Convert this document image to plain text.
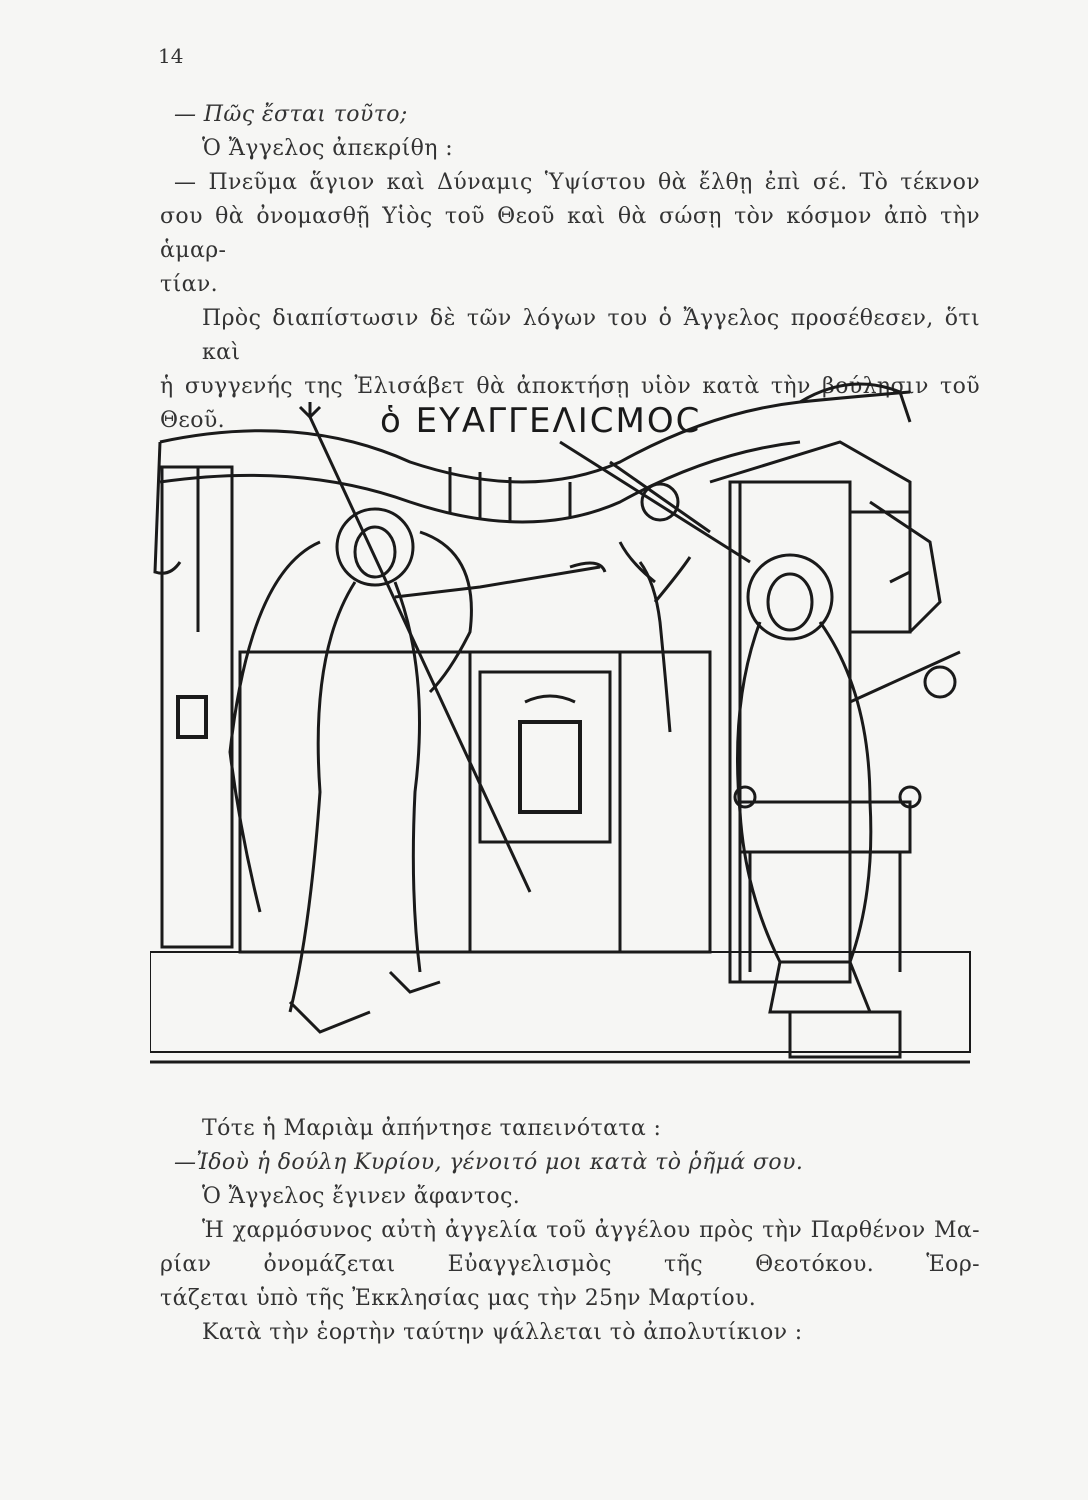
14
— Πῶς ἔσται τοῦτο;
Ὁ Ἄγγελος ἀπεκρίθη :
— Πνεῦμα ἅγιον καὶ Δύναμις Ὑψίστου θὰ ἔλθῃ ἐπὶ σέ. Τὸ τέκνον
σου θὰ ὀνομασθῇ Υἱὸς τοῦ Θεοῦ καὶ θὰ σώσῃ τὸν κόσμον ἀπὸ τὴν ἁμαρ-
τίαν.
Πρὸς διαπίστωσιν δὲ τῶν λόγων του ὁ Ἄγγελος προσέθεσεν, ὅτι καὶ
ἡ συγγενής της Ἐλισάβετ θὰ ἀποκτήσῃ υἱὸν κατὰ τὴν βούλησιν τοῦ Θεοῦ.	ὁ ΕΥΑΓΓΕΛΙCΜΟC
Τότε ἡ Μαριὰμ ἀπήντησε ταπεινότατα :
—Ἰδοὺ ἡ δούλη Κυρίου, γένοιτό μοι κατὰ τὸ ῥῆμά σου.
Ὁ Ἄγγελος ἔγινεν ἄφαντος.
Ἡ χαρμόσυνος αὐτὴ ἀγγελία τοῦ ἀγγέλου πρὸς τὴν Παρθένον Μα-
ρίαν ὀνομάζεται Εὐαγγελισμὸς τῆς Θεοτόκου. Ἑορ-
τάζεται ὑπὸ τῆς Ἐκκλησίας μας τὴν 25ην Μαρτίου.
Κατὰ τὴν ἑορτὴν ταύτην ψάλλεται τὸ ἀπολυτίκιον :
